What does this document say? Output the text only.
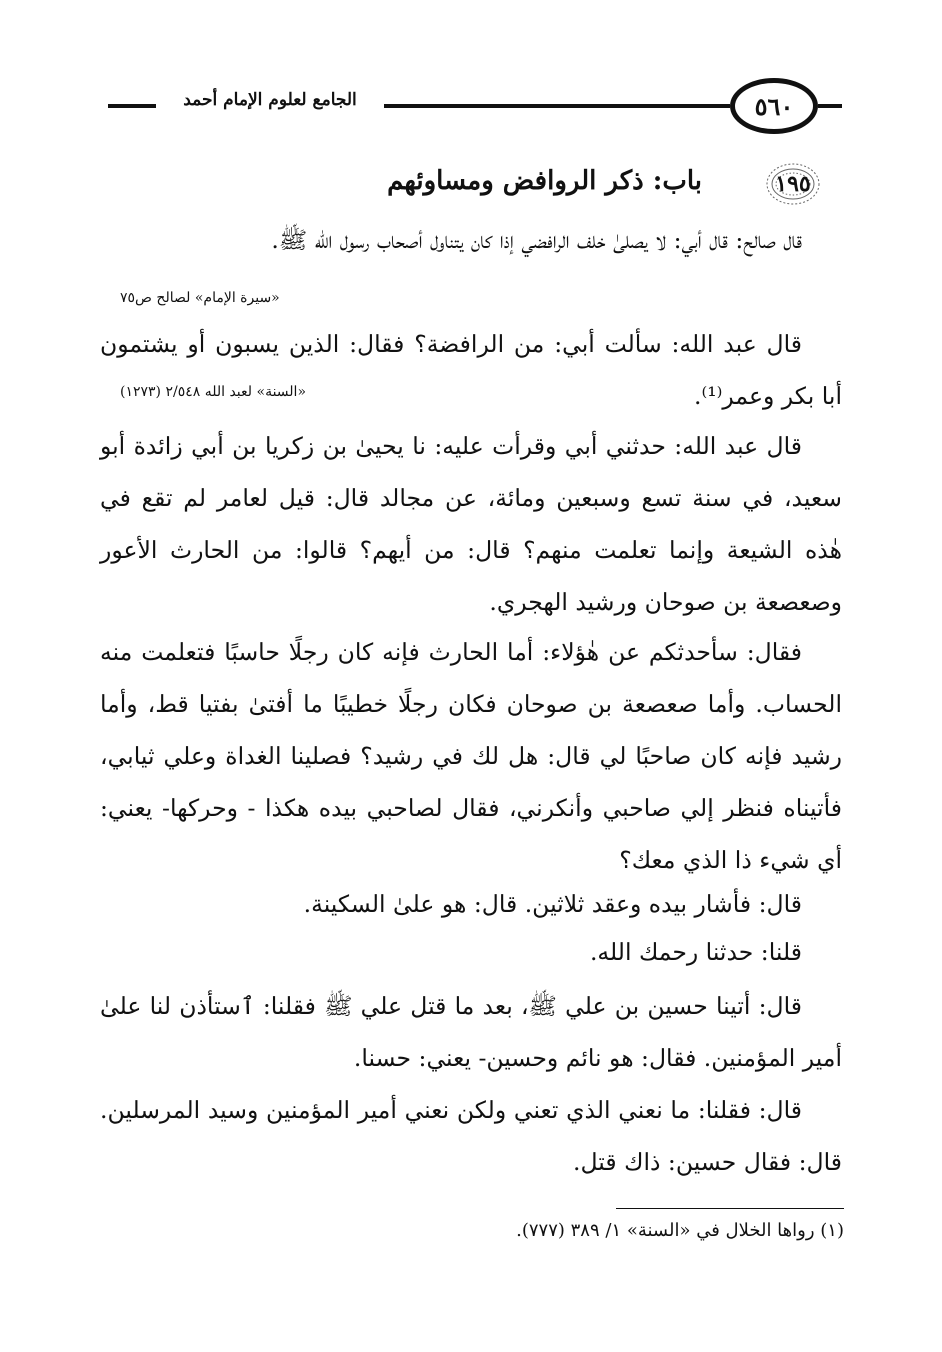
الجامع لعلوم الإمام أحمد	٥٦٠
١٩٥
باب: ذكر الروافض ومساوئهم

قال صالح: قال أبي: لا يصلىٰ خلف الرافضي إذا كان يتناول أصحاب رسول الله ﷺ.

«سيرة الإمام» لصالح ص٧٥

قال عبد الله: سألت أبي: من الرافضة؟ فقال: الذين يسبون أو يشتمون أبا بكر وعمر⁽¹⁾.

«السنة» لعبد الله ٢/٥٤٨ (١٢٧٣)

قال عبد الله: حدثني أبي وقرأت عليه: نا يحيىٰ بن زكريا بن أبي زائدة أبو سعيد، في سنة تسع وسبعين ومائة، عن مجالد قال: قيل لعامر لم تقع في هٰذه الشيعة وإنما تعلمت منهم؟ قال: من أيهم؟ قالوا: من الحارث الأعور وصعصعة بن صوحان ورشيد الهجري.

فقال: سأحدثكم عن هٰؤلاء: أما الحارث فإنه كان رجلًا حاسبًا فتعلمت منه الحساب. وأما صعصعة بن صوحان فكان رجلًا خطيبًا ما أفتىٰ بفتيا قط، وأما رشيد فإنه كان صاحبًا لي قال: هل لك في رشيد؟ فصلينا الغداة وعلي ثيابي، فأتيناه فنظر إلي صاحبي وأنكرني، فقال لصاحبي بيده هكذا - وحركها- يعني: أي شيء ذا الذي معك؟

قال: فأشار بيده وعقد ثلاثين. قال: هو علىٰ السكينة.

قلنا: حدثنا رحمك الله.

قال: أتينا حسين بن علي ﷺ، بعد ما قتل علي ﷺ فقلنا: ٱستأذن لنا علىٰ أمير المؤمنين. فقال: هو نائم وحسين- يعني: حسنا.

قال: فقلنا: ما نعني الذي تعني ولكن نعني أمير المؤمنين وسيد المرسلين. قال: فقال حسين: ذاك قتل.

(١) رواها الخلال في «السنة» ١/ ٣٨٩ (٧٧٧).
